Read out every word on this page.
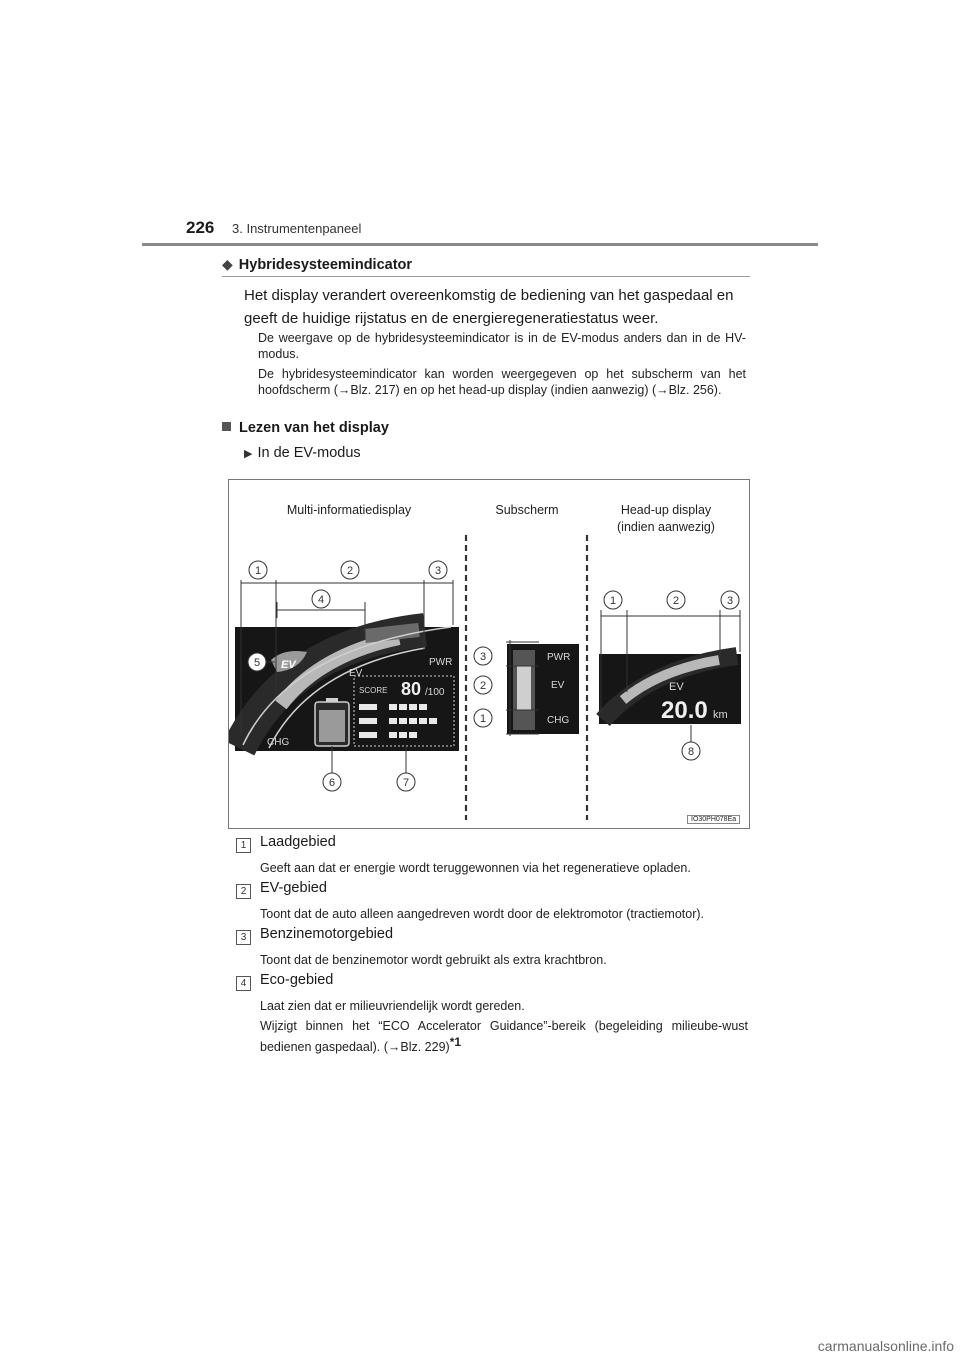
226 3. Instrumentenpaneel
◆ Hybridesysteemindicator
Het display verandert overeenkomstig de bediening van het gaspedaal en geeft de huidige rijstatus en de energieregeneratiestatus weer.
De weergave op de hybridesysteemindicator is in de EV-modus anders dan in de HV-modus.
De hybridesysteemindicator kan worden weergegeven op het subscherm van het hoofdscherm (→Blz. 217) en op het head-up display (indien aanwezig) (→Blz. 256).
Lezen van het display
▶ In de EV-modus
Multi-informatiedisplay	Subscherm	Head-up display
(indien aanwezig)
CHG
PWR
EV
EV
SCORE 80 /100
1	2	3
4
5
6	7
PWR
EV
CHG
3
2
1
EV
20.0 km
1	2	3
8
IO30PH078Ea
1 Laadgebied
Geeft aan dat er energie wordt teruggewonnen via het regeneratieve opladen.
2 EV-gebied
Toont dat de auto alleen aangedreven wordt door de elektromotor (tractiemotor).
3 Benzinemotorgebied
Toont dat de benzinemotor wordt gebruikt als extra krachtbron.
4 Eco-gebied
Laat zien dat er milieuvriendelijk wordt gereden.
Wijzigt binnen het “ECO Accelerator Guidance”-bereik (begeleiding milieube-wust bedienen gaspedaal). (→Blz. 229)$^{*1}$
carmanualsonline.info
